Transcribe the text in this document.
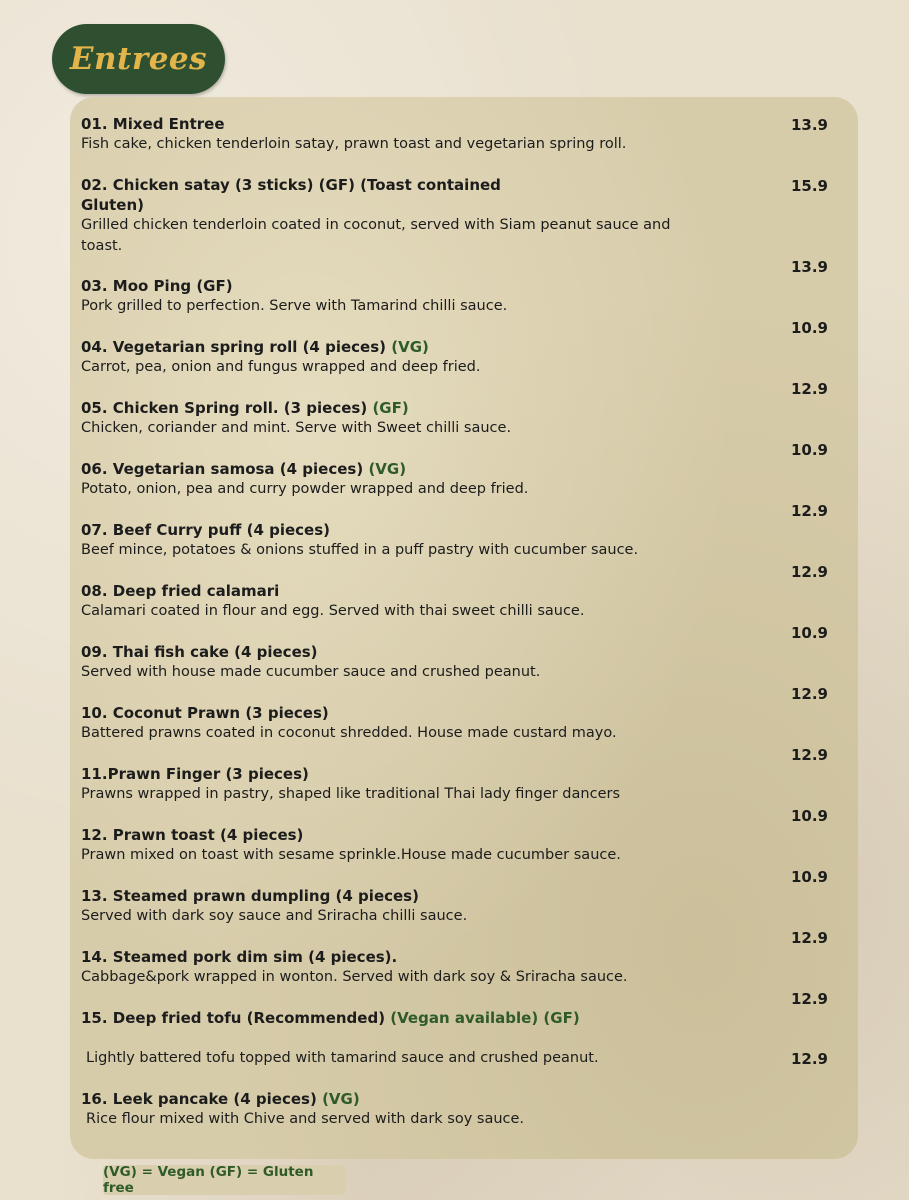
Entrees
01. Mixed Entree
Fish cake, chicken tenderloin satay, prawn toast and vegetarian spring roll.
02. Chicken satay (3 sticks) (GF) (Toast contained Gluten)
Grilled chicken tenderloin coated in coconut, served with Siam peanut sauce and toast.
03. Moo Ping (GF)
Pork grilled to perfection. Serve with Tamarind chilli sauce.
04. Vegetarian spring roll (4 pieces) (VG)
Carrot, pea, onion and fungus wrapped and deep fried.
05. Chicken Spring roll. (3 pieces) (GF)
Chicken, coriander and mint. Serve with Sweet chilli sauce.
06. Vegetarian samosa (4 pieces) (VG)
Potato, onion, pea and curry powder wrapped and deep fried.
07. Beef Curry puff (4 pieces)
Beef mince, potatoes & onions stuffed in a puff pastry with cucumber sauce.
08. Deep fried calamari
Calamari coated in flour and egg. Served with thai sweet chilli sauce.
09. Thai fish cake (4 pieces)
Served with house made cucumber sauce and crushed peanut.
10. Coconut Prawn (3 pieces)
Battered prawns coated in coconut shredded. House made custard mayo.
11.Prawn Finger (3 pieces)
Prawns wrapped in pastry, shaped like traditional Thai lady finger dancers
12. Prawn toast (4 pieces)
Prawn mixed on toast with sesame sprinkle.House made cucumber sauce.
13. Steamed prawn dumpling (4 pieces)
Served with dark soy sauce and Sriracha chilli sauce.
14. Steamed pork dim sim (4 pieces).
Cabbage&pork wrapped in wonton. Served with dark soy & Sriracha sauce.
15. Deep fried tofu (Recommended) (Vegan available) (GF)
Lightly battered tofu topped with tamarind sauce and crushed peanut.
16. Leek pancake (4 pieces) (VG)
Rice flour mixed with Chive and served with dark soy sauce.
13.9
15.9
13.9
10.9
12.9
10.9
12.9
12.9
10.9
12.9
12.9
10.9
10.9
12.9
12.9
12.9
(VG) = Vegan (GF) = Gluten free
